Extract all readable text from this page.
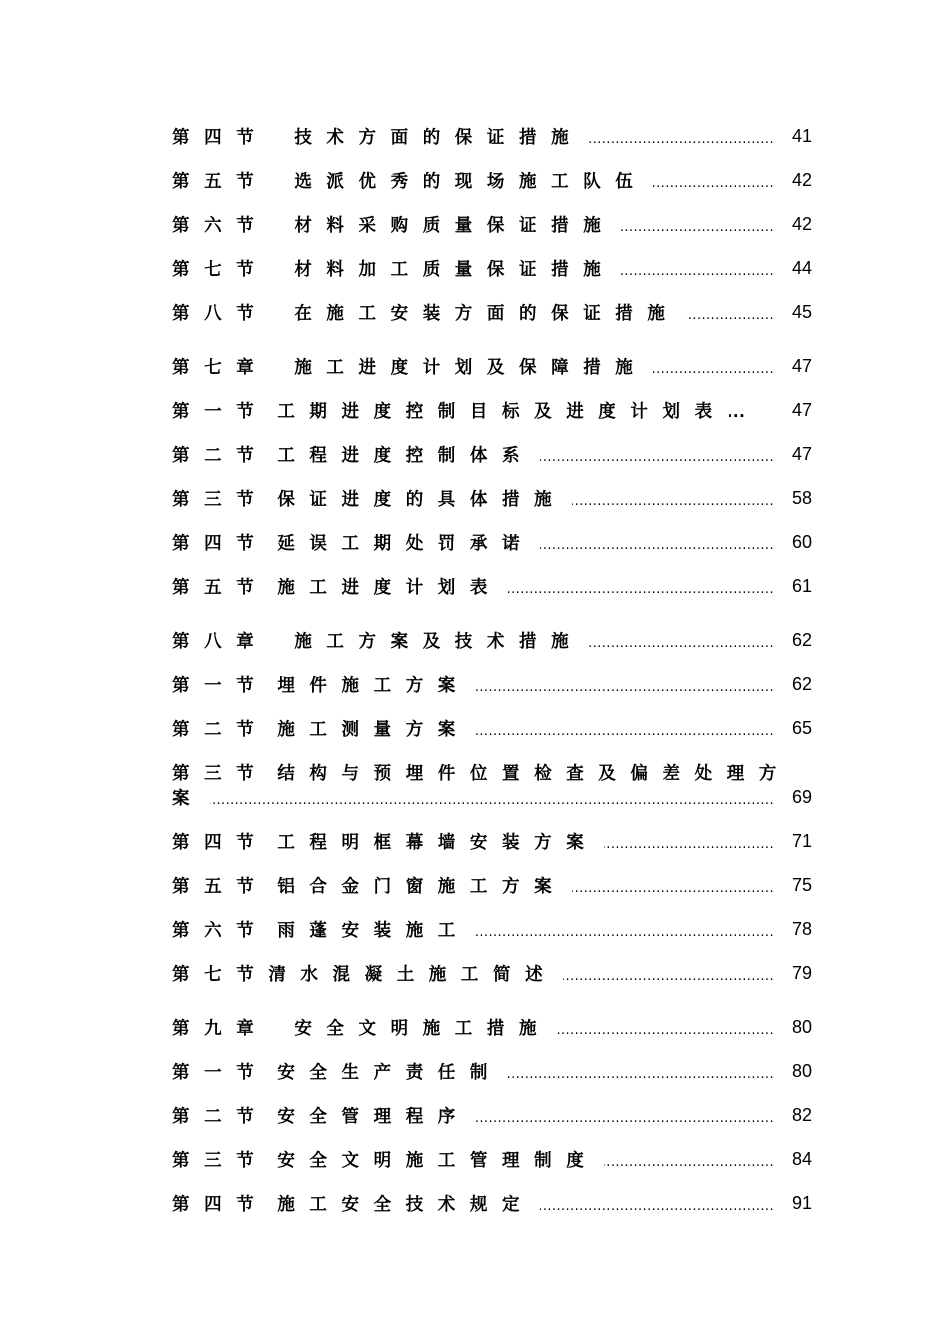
第四节 技术方面的保证措施 .....	41
第五节 选派优秀的现场施工队伍 .....	42
第六节 材料采购质量保证措施 .....	42
第七节 材料加工质量保证措施 .....	44
第八节 在施工安装方面的保证措施 .....	45
第七章 施工进度计划及保障措施 .....	47
第一节 工期进度控制目标及进度计划表 ...	47
第二节 工程进度控制体系 .....	47
第三节 保证进度的具体措施 .....	58
第四节 延误工期处罚承诺 .....	60
第五节 施工进度计划表 .....	61
第八章 施工方案及技术措施 .....	62
第一节 埋件施工方案 .....	62
第二节 施工测量方案 .....	65
第三节 结构与预埋件位置检查及偏差处理方
案 .....	69
第四节 工程明框幕墙安装方案 .....	71
第五节 铝合金门窗施工方案 .....	75
第六节 雨蓬安装施工 .....	78
第七节 清水混凝土施工简述 .....	79
第九章 安全文明施工措施 .....	80
第一节 安全生产责任制 .....	80
第二节 安全管理程序 .....	82
第三节 安全文明施工管理制度 .....	84
第四节 施工安全技术规定 .....	91
